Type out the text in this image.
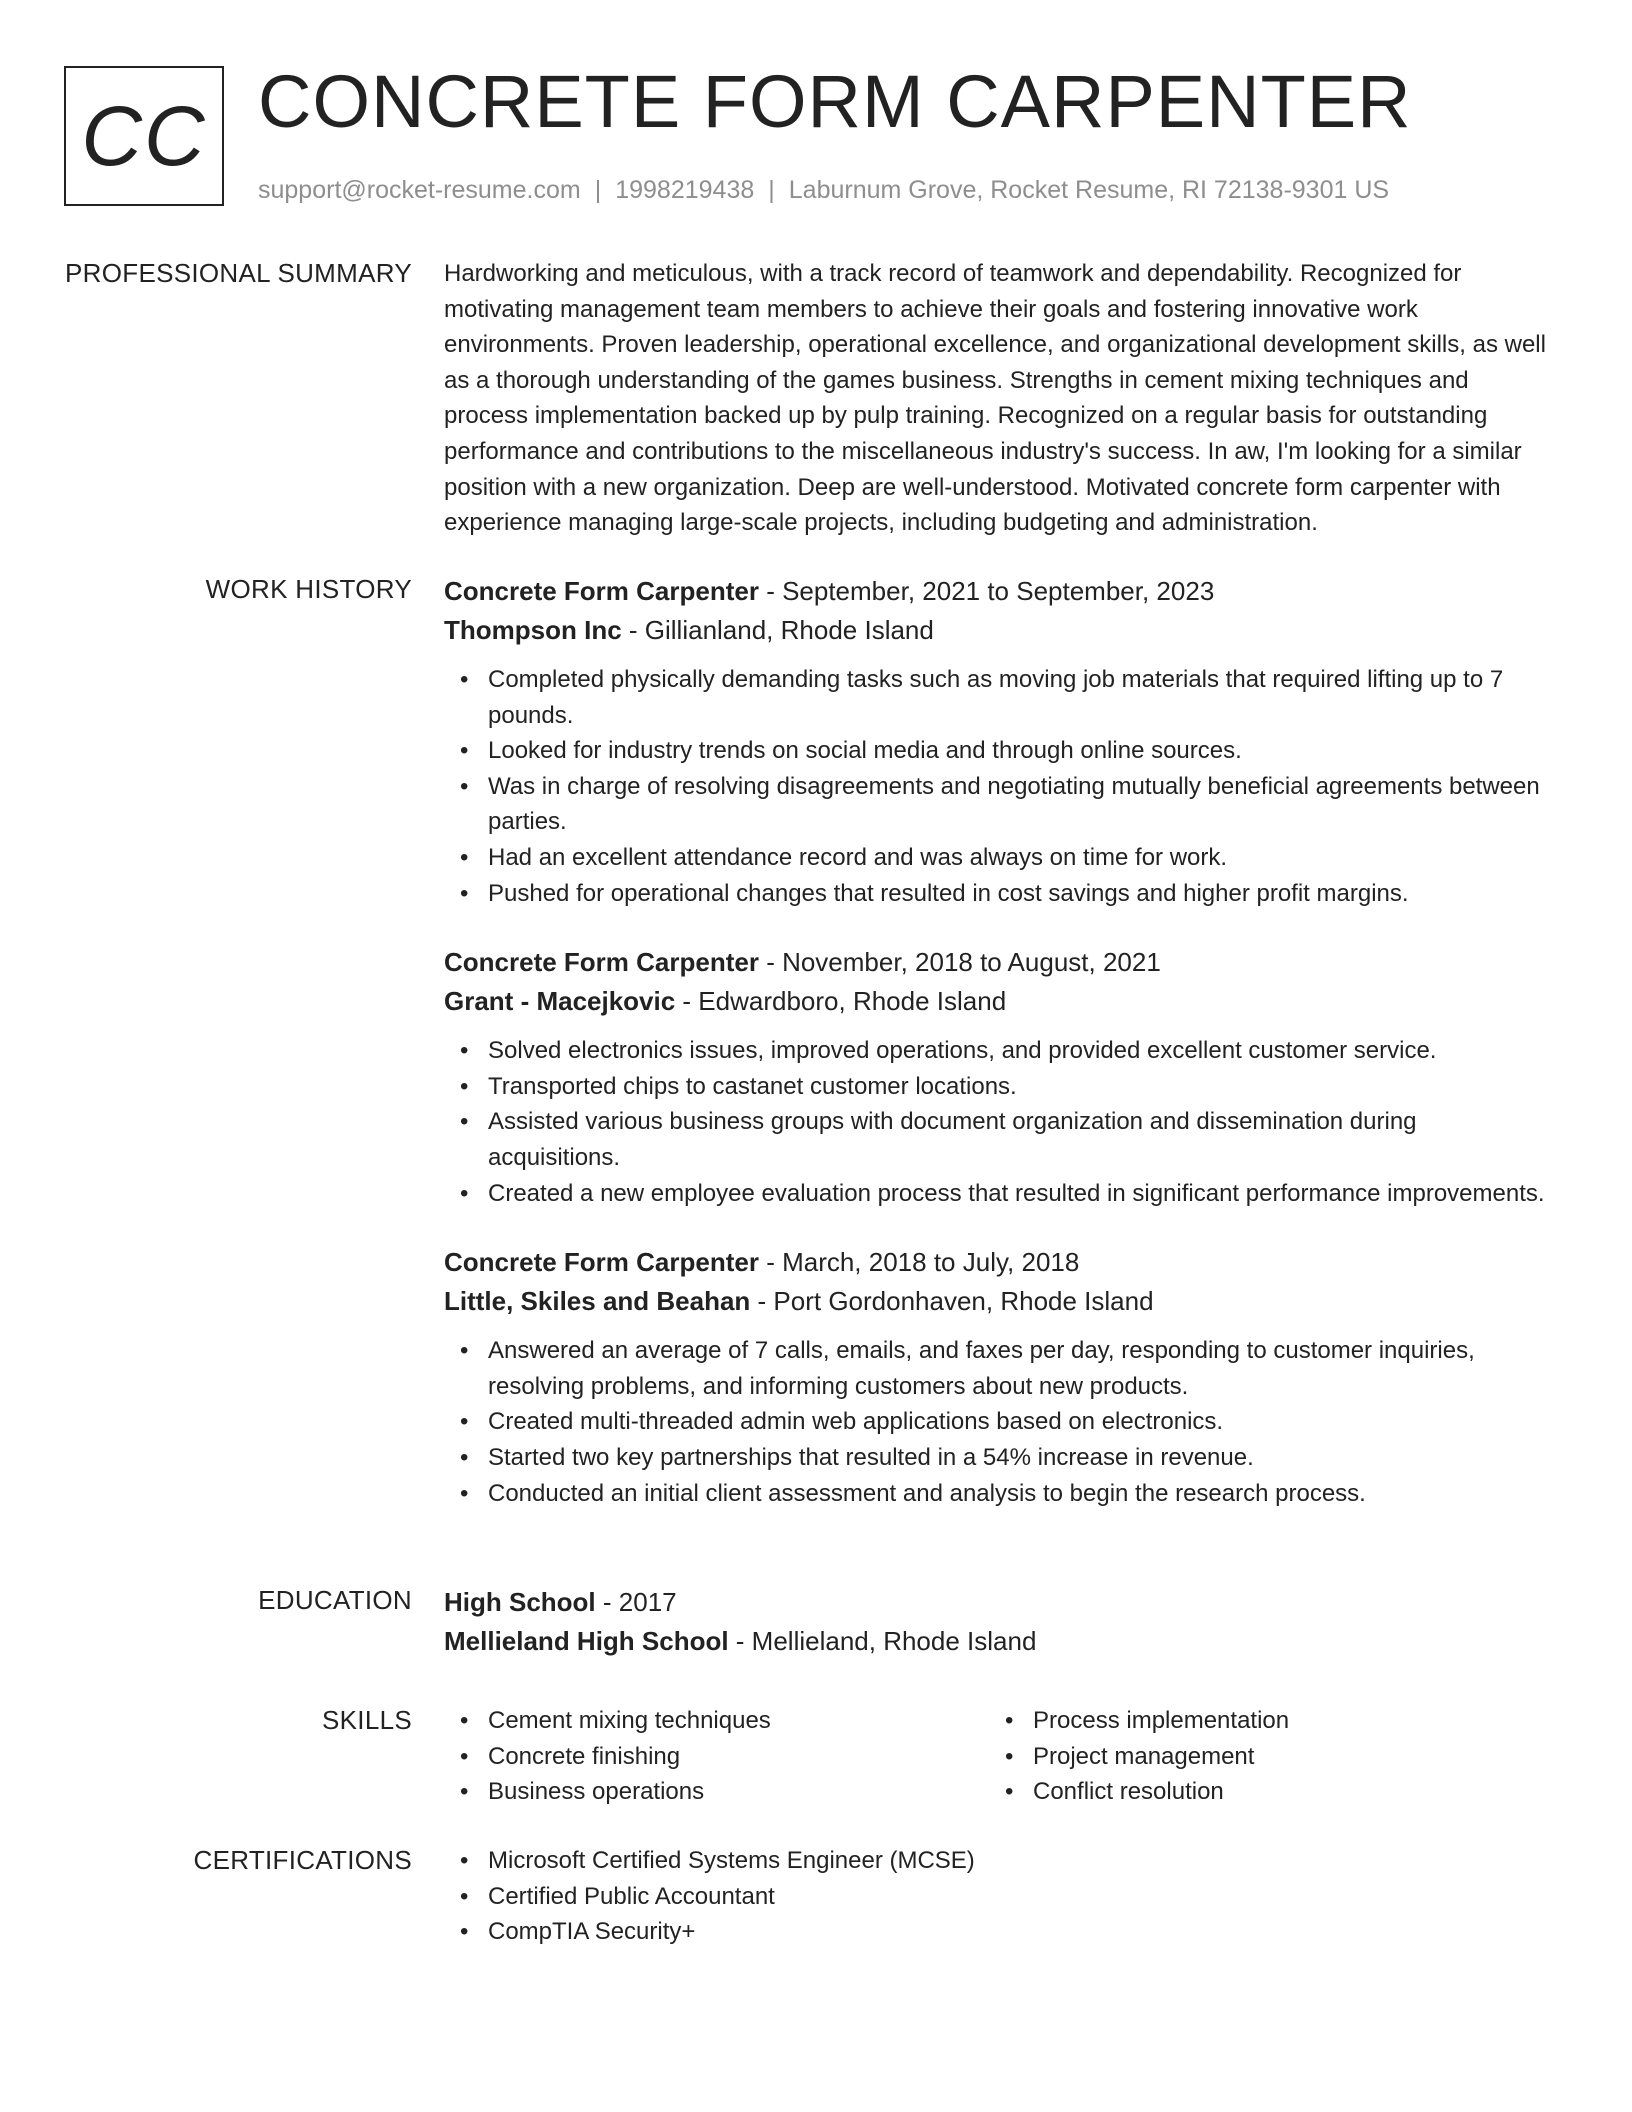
CC CONCRETE FORM CARPENTER
support@rocket-resume.com | 1998219438 | Laburnum Grove, Rocket Resume, RI 72138-9301 US
PROFESSIONAL SUMMARY Hardworking and meticulous, with a track record of teamwork and dependability. Recognized for motivating management team members to achieve their goals and fostering innovative work environments. Proven leadership, operational excellence, and organizational development skills, as well as a thorough understanding of the games business. Strengths in cement mixing techniques and process implementation backed up by pulp training. Recognized on a regular basis for outstanding performance and contributions to the miscellaneous industry's success. In aw, I'm looking for a similar position with a new organization. Deep are well-understood. Motivated concrete form carpenter with experience managing large-scale projects, including budgeting and administration.

WORK HISTORY Concrete Form Carpenter - September, 2021 to September, 2023
Thompson Inc - Gillianland, Rhode Island
• Completed physically demanding tasks such as moving job materials that required lifting up to 7 pounds.
• Looked for industry trends on social media and through online sources.
• Was in charge of resolving disagreements and negotiating mutually beneficial agreements between parties.
• Had an excellent attendance record and was always on time for work.
• Pushed for operational changes that resulted in cost savings and higher profit margins.
Concrete Form Carpenter - November, 2018 to August, 2021
Grant - Macejkovic - Edwardboro, Rhode Island
• Solved electronics issues, improved operations, and provided excellent customer service.
• Transported chips to castanet customer locations.
• Assisted various business groups with document organization and dissemination during acquisitions.
• Created a new employee evaluation process that resulted in significant performance improvements.
Concrete Form Carpenter - March, 2018 to July, 2018
Little, Skiles and Beahan - Port Gordonhaven, Rhode Island
• Answered an average of 7 calls, emails, and faxes per day, responding to customer inquiries, resolving problems, and informing customers about new products.
• Created multi-threaded admin web applications based on electronics.
• Started two key partnerships that resulted in a 54% increase in revenue.
• Conducted an initial client assessment and analysis to begin the research process.
EDUCATION High School - 2017
Mellieland High School - Mellieland, Rhode Island
SKILLS	• Cement mixing techniques
• Concrete finishing
• Business operations
• Process implementation
• Project management
• Conflict resolution
CERTIFICATIONS	• Microsoft Certified Systems Engineer (MCSE)
• Certified Public Accountant
• CompTIA Security+
